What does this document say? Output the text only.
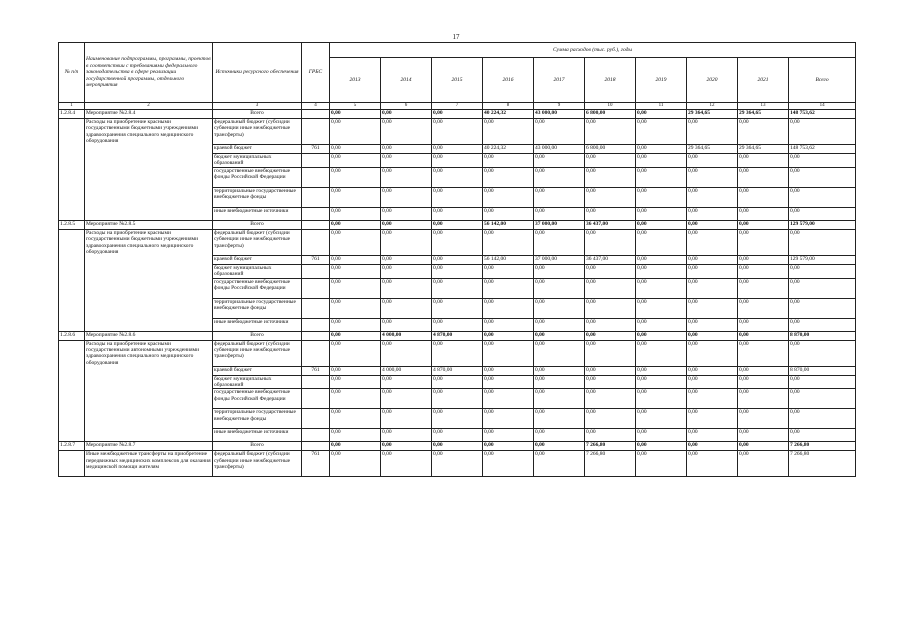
17
№ п/п	Наименование подпрограммы, программы, проектов в соответствии с требованиями федерального законодательства в сфере реализации государственной программы, отдельного мероприятия	Источники ресурсного обеспечения	ГРБС	Сумма расходов (тыс. руб.), годы									
				2013	2014	2015	2016	2017	2018	2019	2020	2021	Всего
1	2	3	4	5	6	7	8	9	10	11	12	13	14
1.2.8.4	Мероприятие №2.8.4	Всего		0,00	0,00	0,00	40 224,32	43 000,00	6 800,00	0,00	29 364,65	29 364,65	148 753,62
	Расходы на приобретение красными государственными бюджетными учреждениями здравоохранения специального медицинского оборудования	федеральный бюджет (субсидии субвенции иные межбюджетные трансферты)		0,00	0,00	0,00	0,00	0,00	0,00	0,00	0,00	0,00	0,00
		краевой бюджет	761	0,00	0,00	0,00	40 224,32	43 000,00	6 800,00	0,00	29 364,65	29 364,65	148 753,62
		бюджет муниципальных образований		0,00	0,00	0,00	0,00	0,00	0,00	0,00	0,00	0,00	0,00
		государственные внебюджетные фонды Российской Федерации		0,00	0,00	0,00	0,00	0,00	0,00	0,00	0,00	0,00	0,00
		территориальные государственные внебюджетные фонды		0,00	0,00	0,00	0,00	0,00	0,00	0,00	0,00	0,00	0,00
		иные внебюджетные источники		0,00	0,00	0,00	0,00	0,00	0,00	0,00	0,00	0,00	0,00
1.2.8.5	Мероприятие №2.8.5	Всего		0,00	0,00	0,00	56 142,00	37 000,00	36 437,00	0,00	0,00	0,00	129 579,00
	Расходы на приобретение красными государственными бюджетными учреждениями здравоохранения специального медицинского оборудования	федеральный бюджет (субсидии субвенции иные межбюджетные трансферты)		0,00	0,00	0,00	0,00	0,00	0,00	0,00	0,00	0,00	0,00
		краевой бюджет	761	0,00	0,00	0,00	56 142,00	37 000,00	36 437,00	0,00	0,00	0,00	129 579,00
		бюджет муниципальных образований		0,00	0,00	0,00	0,00	0,00	0,00	0,00	0,00	0,00	0,00
		государственные внебюджетные фонды Российской Федерации		0,00	0,00	0,00	0,00	0,00	0,00	0,00	0,00	0,00	0,00
		территориальные государственные внебюджетные фонды		0,00	0,00	0,00	0,00	0,00	0,00	0,00	0,00	0,00	0,00
		иные внебюджетные источники		0,00	0,00	0,00	0,00	0,00	0,00	0,00	0,00	0,00	0,00
1.2.8.6	Мероприятие №2.8.6	Всего		0,00	4 000,00	4 870,00	0,00	0,00	0,00	0,00	0,00	0,00	8 870,00
	Расходы на приобретение красными государственными автономными учреждениями здравоохранения специального медицинского оборудования	федеральный бюджет (субсидии субвенции иные межбюджетные трансферты)		0,00	0,00	0,00	0,00	0,00	0,00	0,00	0,00	0,00	0,00
		краевой бюджет	761	0,00	4 000,00	4 870,00	0,00	0,00	0,00	0,00	0,00	0,00	8 870,00
		бюджет муниципальных образований		0,00	0,00	0,00	0,00	0,00	0,00	0,00	0,00	0,00	0,00
		государственные внебюджетные фонды Российской Федерации		0,00	0,00	0,00	0,00	0,00	0,00	0,00	0,00	0,00	0,00
		территориальные государственные внебюджетные фонды		0,00	0,00	0,00	0,00	0,00	0,00	0,00	0,00	0,00	0,00
		иные внебюджетные источники		0,00	0,00	0,00	0,00	0,00	0,00	0,00	0,00	0,00	0,00
1.2.8.7	Мероприятие №2.8.7	Всего		0,00	0,00	0,00	0,00	0,00	7 266,80	0,00	0,00	0,00	7 266,80
	Иные межбюджетные трансферты на приобретение передвижных медицинских комплексов для оказания медицинской помощи жителям	федеральный бюджет (субсидии субвенции иные межбюджетные трансферты)	761	0,00	0,00	0,00	0,00	0,00	7 266,80	0,00	0,00	0,00	7 266,80
